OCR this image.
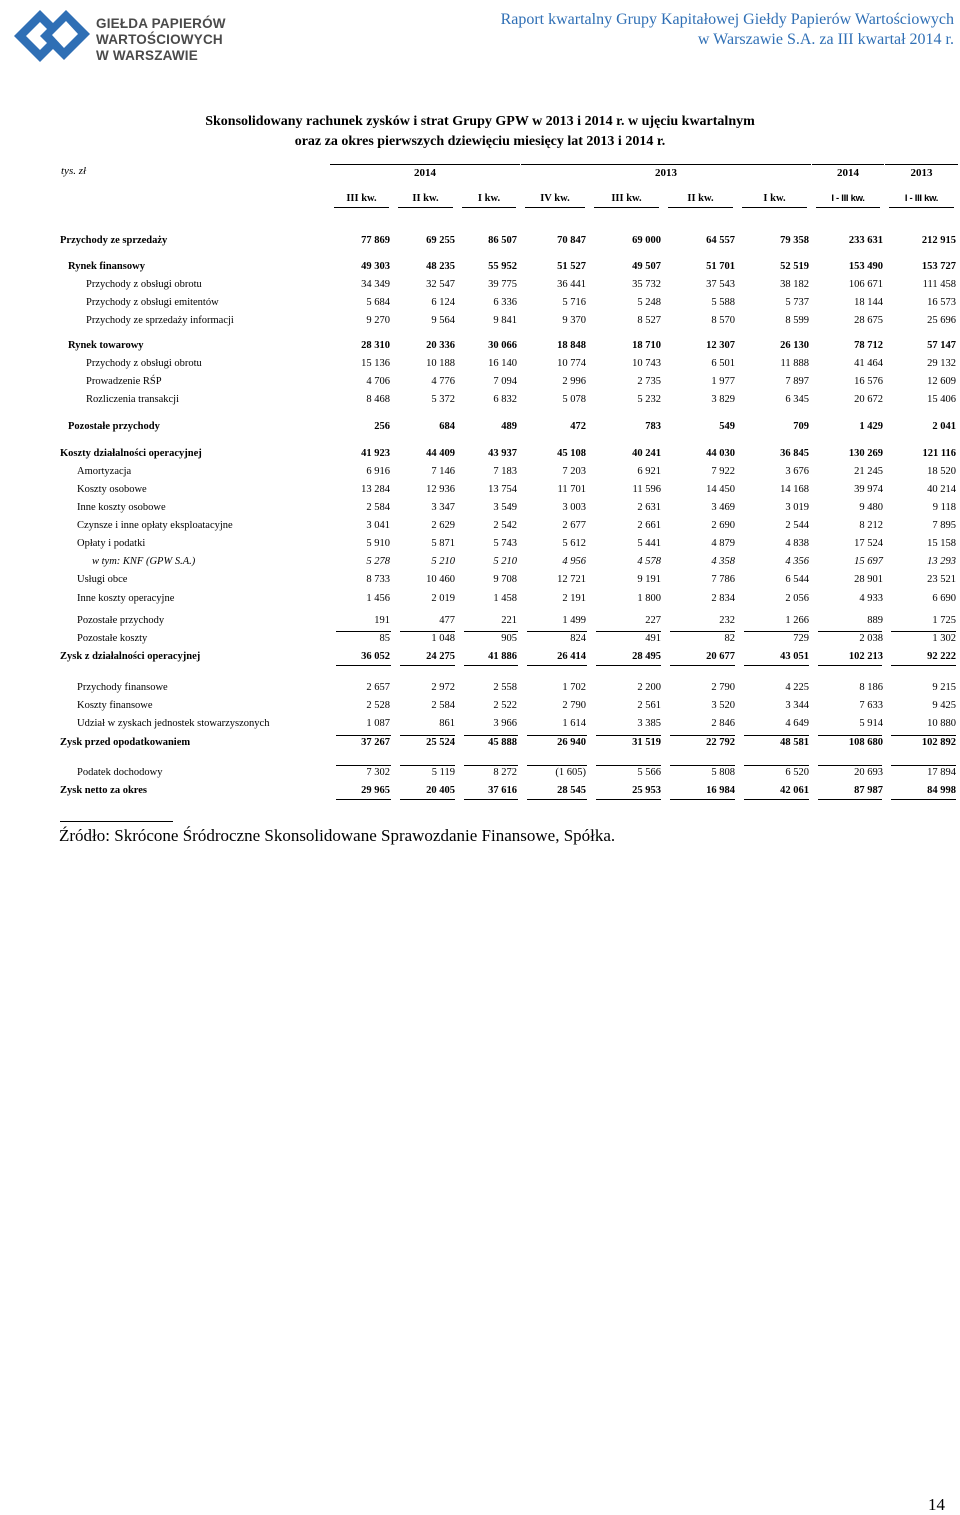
GIEŁDA PAPIERÓW
WARTOŚCIOWYCH
W WARSZAWIE
Raport kwartalny Grupy Kapitałowej Giełdy Papierów Wartościowych
w Warszawie S.A. za III kwartał 2014 r.
Skonsolidowany rachunek zysków i strat Grupy GPW w 2013 i 2014 r. w ujęciu kwartalnym
oraz za okres pierwszych dziewięciu miesięcy lat 2013 i 2014 r.
tys. zł	2014	2013	2014	2013
III kw.	II kw.	I kw.	IV kw.	III kw.	II kw.	I kw.	I - III kw.	I - III kw.
Przychody ze sprzedaży	77 869	69 255	86 507	70 847	69 000	64 557	79 358	233 631	212 915
Rynek finansowy	49 303	48 235	55 952	51 527	49 507	51 701	52 519	153 490	153 727
Przychody z obsługi obrotu	34 349	32 547	39 775	36 441	35 732	37 543	38 182	106 671	111 458
Przychody z obsługi emitentów	5 684	6 124	6 336	5 716	5 248	5 588	5 737	18 144	16 573
Przychody ze sprzedaży informacji	9 270	9 564	9 841	9 370	8 527	8 570	8 599	28 675	25 696
Rynek towarowy	28 310	20 336	30 066	18 848	18 710	12 307	26 130	78 712	57 147
Przychody z obsługi obrotu	15 136	10 188	16 140	10 774	10 743	6 501	11 888	41 464	29 132
Prowadzenie RŚP	4 706	4 776	7 094	2 996	2 735	1 977	7 897	16 576	12 609
Rozliczenia transakcji	8 468	5 372	6 832	5 078	5 232	3 829	6 345	20 672	15 406
Pozostałe przychody	256	684	489	472	783	549	709	1 429	2 041
Koszty działalności operacyjnej	41 923	44 409	43 937	45 108	40 241	44 030	36 845	130 269	121 116
Amortyzacja	6 916	7 146	7 183	7 203	6 921	7 922	3 676	21 245	18 520
Koszty osobowe	13 284	12 936	13 754	11 701	11 596	14 450	14 168	39 974	40 214
Inne koszty osobowe	2 584	3 347	3 549	3 003	2 631	3 469	3 019	9 480	9 118
Czynsze i inne opłaty eksploatacyjne	3 041	2 629	2 542	2 677	2 661	2 690	2 544	8 212	7 895
Opłaty i podatki	5 910	5 871	5 743	5 612	5 441	4 879	4 838	17 524	15 158
w tym: KNF (GPW S.A.)	5 278	5 210	5 210	4 956	4 578	4 358	4 356	15 697	13 293
Usługi obce	8 733	10 460	9 708	12 721	9 191	7 786	6 544	28 901	23 521
Inne koszty operacyjne	1 456	2 019	1 458	2 191	1 800	2 834	2 056	4 933	6 690
Pozostałe przychody	191	477	221	1 499	227	232	1 266	889	1 725
Pozostałe koszty	85	1 048	905	824	491	82	729	2 038	1 302
Zysk z działalności operacyjnej	36 052	24 275	41 886	26 414	28 495	20 677	43 051	102 213	92 222
Przychody finansowe	2 657	2 972	2 558	1 702	2 200	2 790	4 225	8 186	9 215
Koszty finansowe	2 528	2 584	2 522	2 790	2 561	3 520	3 344	7 633	9 425
Udział w zyskach jednostek stowarzyszonych	1 087	861	3 966	1 614	3 385	2 846	4 649	5 914	10 880
Zysk przed opodatkowaniem	37 267	25 524	45 888	26 940	31 519	22 792	48 581	108 680	102 892
Podatek dochodowy	7 302	5 119	8 272	(1 605)	5 566	5 808	6 520	20 693	17 894
Zysk netto za okres	29 965	20 405	37 616	28 545	25 953	16 984	42 061	87 987	84 998
Źródło: Skrócone Śródroczne Skonsolidowane Sprawozdanie Finansowe, Spółka.
14
